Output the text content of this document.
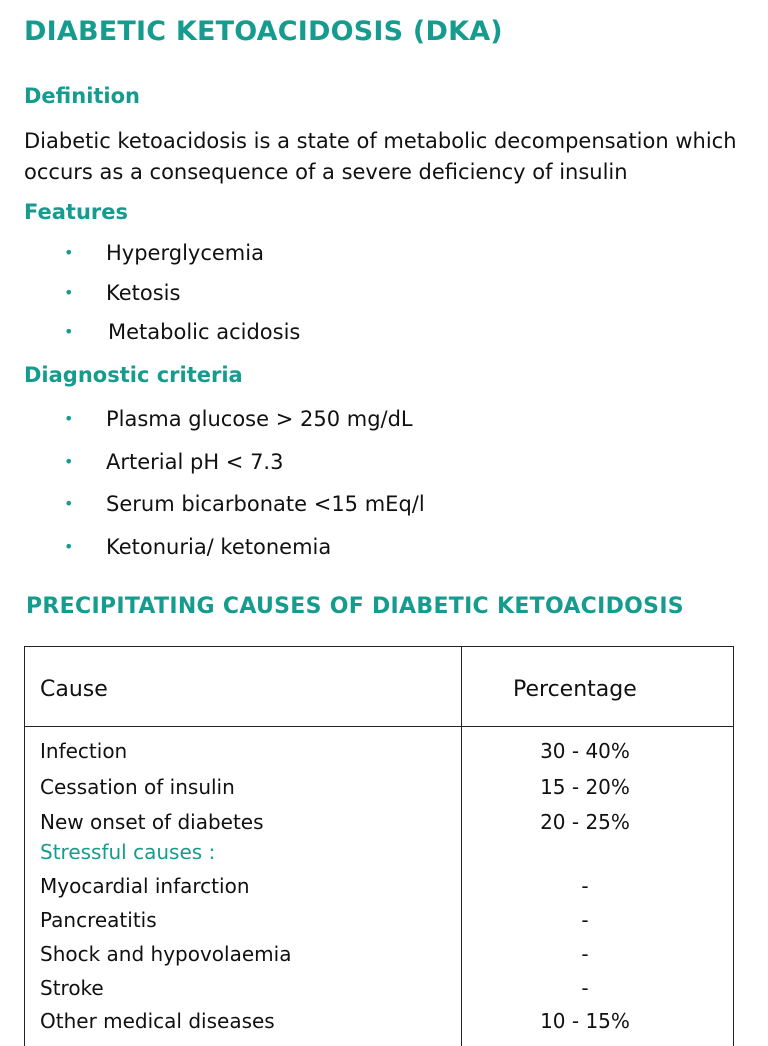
DIABETIC KETOACIDOSIS (DKA)
Definition
Diabetic ketoacidosis is a state of metabolic decompensation which
occurs as a consequence of a severe deficiency of insulin
Features
• Hyperglycemia
• Ketosis
• Metabolic acidosis
Diagnostic criteria
• Plasma glucose > 250 mg/dL
• Arterial pH < 7.3
• Serum bicarbonate <15 mEq/l
• Ketonuria/ ketonemia
PRECIPITATING CAUSES OF DIABETIC KETOACIDOSIS
Cause	Percentage
Infection	30 - 40%
Cessation of insulin	15 - 20%
New onset of diabetes	20 - 25%
Stressful causes :
Myocardial infarction	-
Pancreatitis	-
Shock and hypovolaemia	-
Stroke	-
Other medical diseases	10 - 15%
